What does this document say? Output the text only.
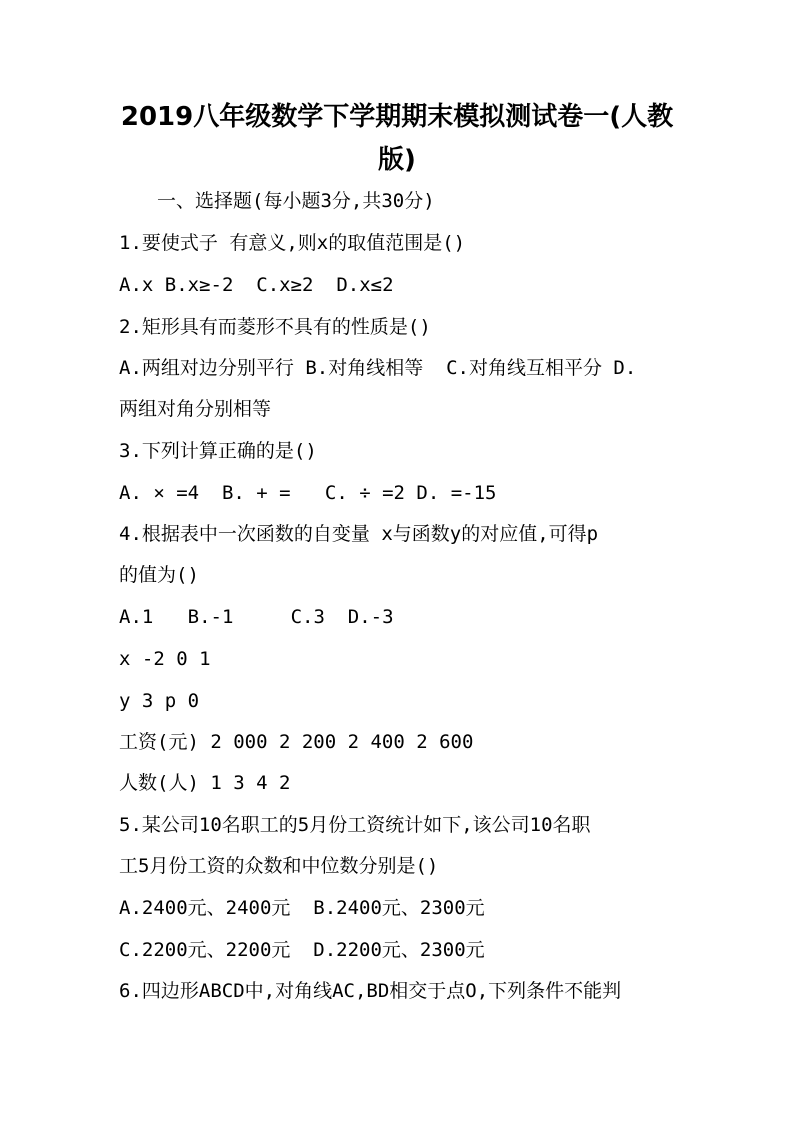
2019八年级数学下学期期末模拟测试卷一(人教
版)
　　一、选择题(每小题3分,共30分)
1.要使式子 有意义,则x的取值范围是()
A.x B.x≥-2  C.x≥2  D.x≤2
2.矩形具有而菱形不具有的性质是()
A.两组对边分别平行 B.对角线相等  C.对角线互相平分 D.
两组对角分别相等
3.下列计算正确的是()
A. × =4  B. + =   C. ÷ =2 D. =-15
4.根据表中一次函数的自变量 x与函数y的对应值,可得p
的值为()
A.1   B.-1     C.3  D.-3
x -2 0 1
y 3 p 0
工资(元) 2 000 2 200 2 400 2 600
人数(人) 1 3 4 2
5.某公司10名职工的5月份工资统计如下,该公司10名职
工5月份工资的众数和中位数分别是()
A.2400元、2400元  B.2400元、2300元
C.2200元、2200元  D.2200元、2300元
6.四边形ABCD中,对角线AC,BD相交于点O,下列条件不能判
